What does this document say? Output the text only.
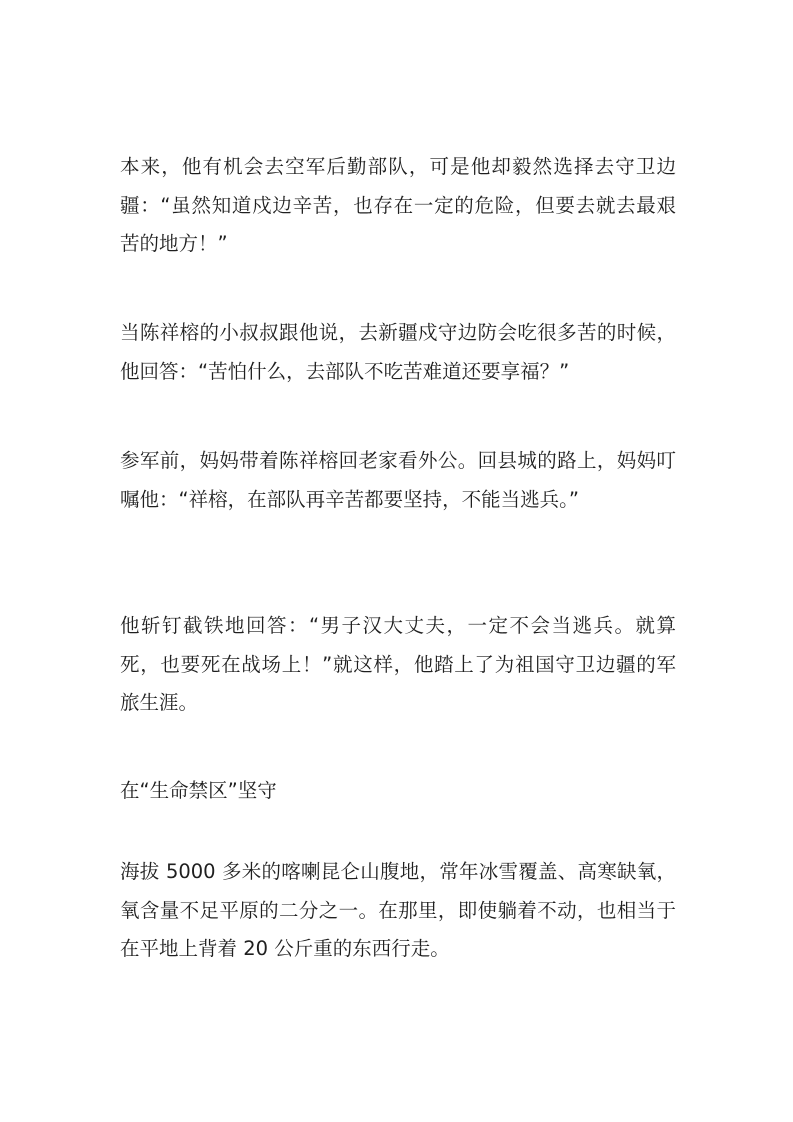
本来，他有机会去空军后勤部队，可是他却毅然选择去守卫边疆：“虽然知道戍边辛苦，也存在一定的危险，但要去就去最艰苦的地方！”

当陈祥榕的小叔叔跟他说，去新疆戍守边防会吃很多苦的时候，他回答：“苦怕什么，去部队不吃苦难道还要享福？”

参军前，妈妈带着陈祥榕回老家看外公。回县城的路上，妈妈叮嘱他：“祥榕，在部队再辛苦都要坚持，不能当逃兵。”

他斩钉截铁地回答：“男子汉大丈夫，一定不会当逃兵。就算死，也要死在战场上！”就这样，他踏上了为祖国守卫边疆的军旅生涯。

在“生命禁区”坚守

海拔 5000 多米的喀喇昆仑山腹地，常年冰雪覆盖、高寒缺氧，氧含量不足平原的二分之一。在那里，即使躺着不动，也相当于在平地上背着 20 公斤重的东西行走。
